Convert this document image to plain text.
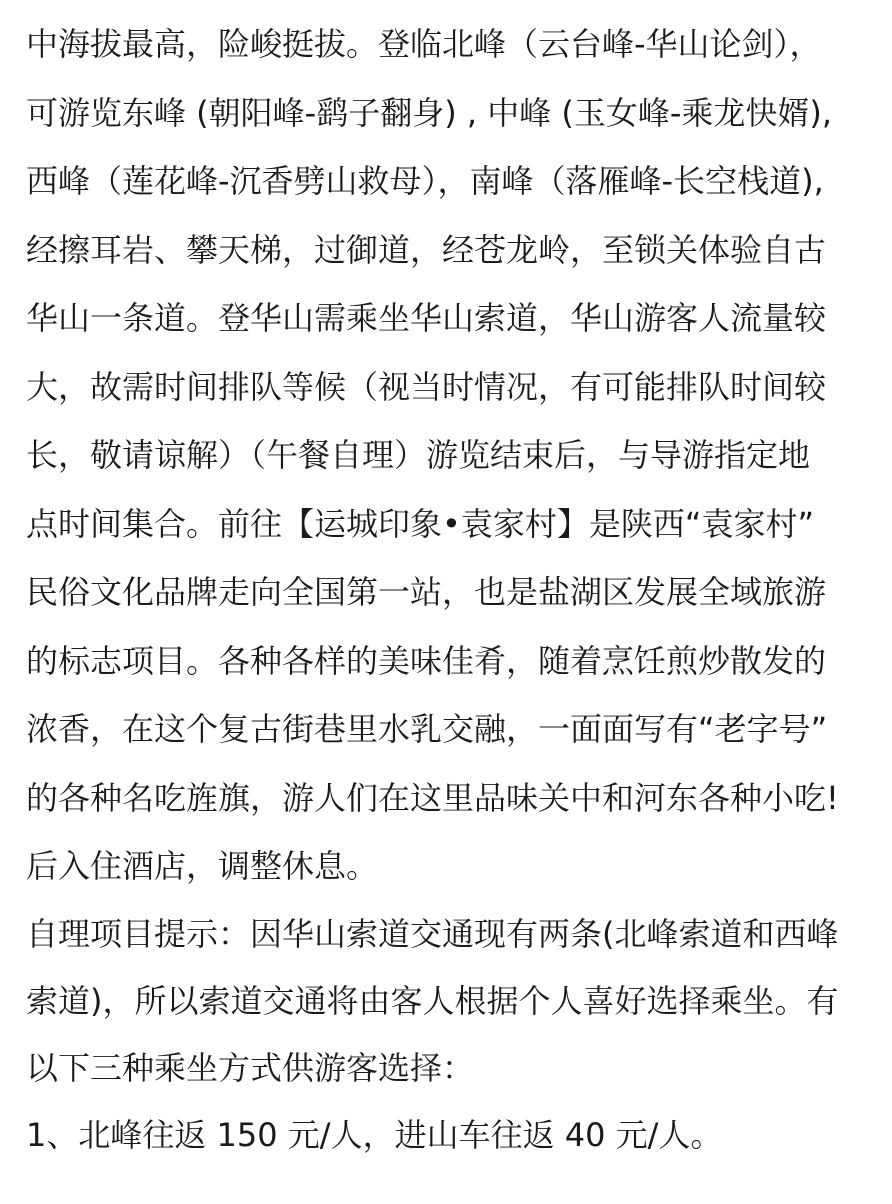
中海拔最高，险峻挺拔。登临北峰（云台峰-华山论剑），
可游览东峰 (朝阳峰-鹞子翻身) , 中峰 (玉女峰-乘龙快婿),
西峰（莲花峰-沉香劈山救母），南峰（落雁峰-长空栈道),
经擦耳岩、攀天梯，过御道，经苍龙岭，至锁关体验自古
华山一条道。登华山需乘坐华山索道，华山游客人流量较
大，故需时间排队等候（视当时情况，有可能排队时间较
长，敬请谅解）（午餐自理）游览结束后，与导游指定地
点时间集合。前往【运城印象•袁家村】是陕西“袁家村”
民俗文化品牌走向全国第一站，也是盐湖区发展全域旅游
的标志项目。各种各样的美味佳肴，随着烹饪煎炒散发的
浓香，在这个复古街巷里水乳交融，一面面写有“老字号”
的各种名吃旌旗，游人们在这里品味关中和河东各种小吃!
后入住酒店，调整休息。
自理项目提示：因华山索道交通现有两条(北峰索道和西峰
索道)，所以索道交通将由客人根据个人喜好选择乘坐。有
以下三种乘坐方式供游客选择：
1、北峰往返 150 元/人，进山车往返 40 元/人。
